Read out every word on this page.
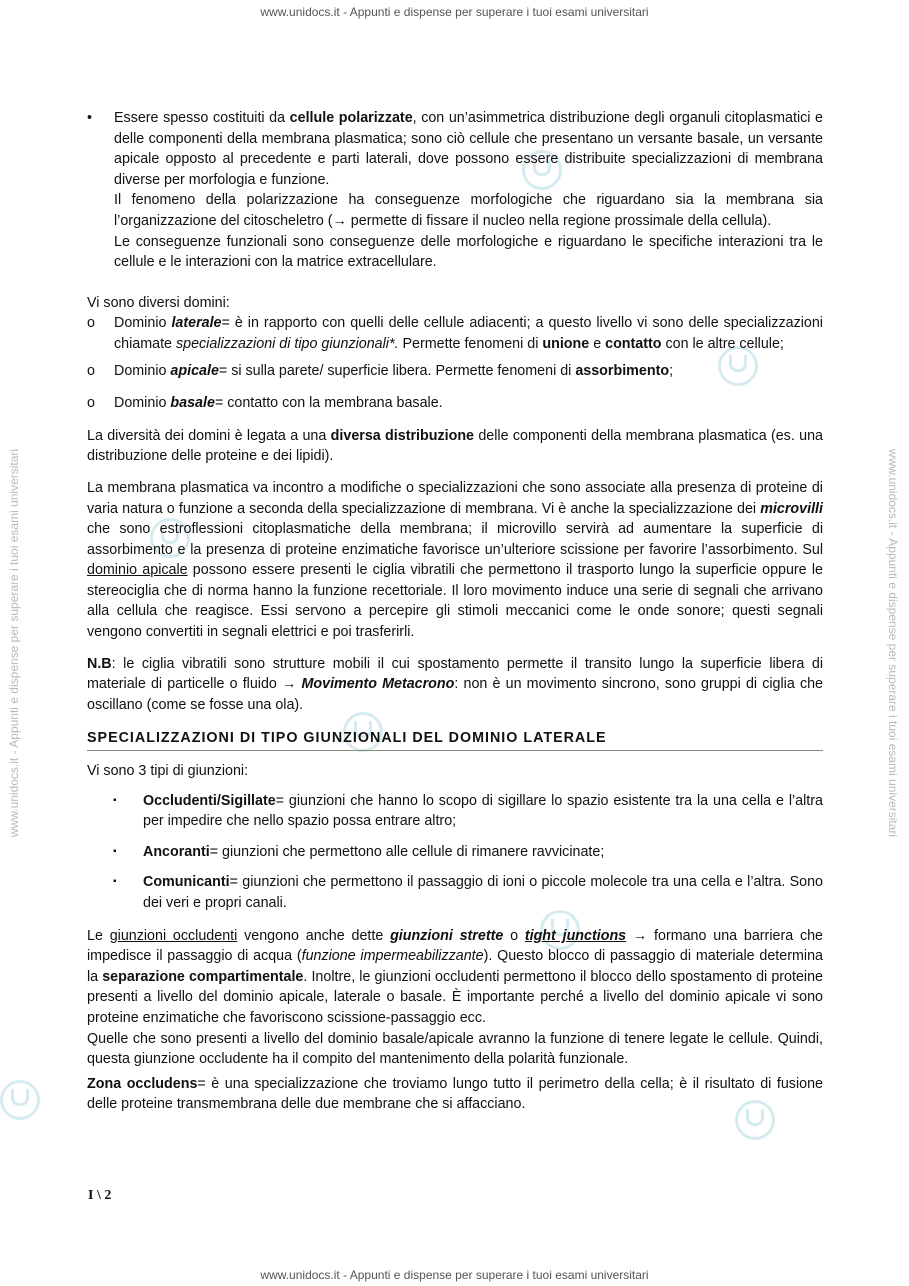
www.unidocs.it - Appunti e dispense per superare i tuoi esami universitari
www.unidocs.it - Appunti e dispense per superare i tuoi esami universitari
www.unidocs.it - Appunti e dispense per superare i tuoi esami universitari	www.unidocs.it - Appunti e dispense per superare i tuoi esami universitari
• Essere spesso costituiti da cellule polarizzate, con un’asimmetrica distribuzione degli organuli citoplasmatici e delle componenti della membrana plasmatica; sono ciò cellule che presentano un versante basale, un versante apicale opposto al precedente e parti laterali, dove possono essere distribuite specializzazioni di membrana diverse per morfologia e funzione.

Il fenomeno della polarizzazione ha conseguenze morfologiche che riguardano sia la membrana sia l’organizzazione del citoscheletro (→ permette di fissare il nucleo nella regione prossimale della cellula).

Le conseguenze funzionali sono conseguenze delle morfologiche e riguardano le specifiche interazioni tra le cellule e le interazioni con la matrice extracellulare.

Vi sono diversi domini:

o Dominio laterale= è in rapporto con quelli delle cellule adiacenti; a questo livello vi sono delle specializzazioni chiamate specializzazioni di tipo giunzionali*. Permette fenomeni di unione e contatto con le altre cellule;

o Dominio apicale= si sulla parete/ superficie libera. Permette fenomeni di assorbimento;

o Dominio basale= contatto con la membrana basale.

La diversità dei domini è legata a una diversa distribuzione delle componenti della membrana plasmatica (es. una distribuzione delle proteine e dei lipidi).

La membrana plasmatica va incontro a modifiche o specializzazioni che sono associate alla presenza di proteine di varia natura o funzione a seconda della specializzazione di membrana. Vi è anche la specializzazione dei microvilli che sono estroflessioni citoplasmatiche della membrana; il microvillo servirà ad aumentare la superficie di assorbimento e la presenza di proteine enzimatiche favorisce un’ulteriore scissione per favorire l’assorbimento. Sul dominio apicale possono essere presenti le ciglia vibratili che permettono il trasporto lungo la superficie oppure le stereociglia che di norma hanno la funzione recettoriale. Il loro movimento induce una serie di segnali che arrivano alla cellula che reagisce. Essi servono a percepire gli stimoli meccanici come le onde sonore; questi segnali vengono convertiti in segnali elettrici e poi trasferirli.

N.B: le ciglia vibratili sono strutture mobili il cui spostamento permette il transito lungo la superficie libera di materiale di particelle o fluido → Movimento Metacrono: non è un movimento sincrono, sono gruppi di ciglia che oscillano (come se fosse una ola).

SPECIALIZZAZIONI DI TIPO GIUNZIONALI DEL DOMINIO LATERALE

Vi sono 3 tipi di giunzioni:

▪ Occludenti/Sigillate= giunzioni che hanno lo scopo di sigillare lo spazio esistente tra la una cella e l’altra per impedire che nello spazio possa entrare altro;

▪ Ancoranti= giunzioni che permettono alle cellule di rimanere ravvicinate;

▪ Comunicanti= giunzioni che permettono il passaggio di ioni o piccole molecole tra una cella e l’altra. Sono dei veri e propri canali.

Le giunzioni occludenti vengono anche dette giunzioni strette o tight junctions → formano una barriera che impedisce il passaggio di acqua (funzione impermeabilizzante). Questo blocco di passaggio di materiale determina la separazione compartimentale. Inoltre, le giunzioni occludenti permettono il blocco dello spostamento di proteine presenti a livello del dominio apicale, laterale o basale. È importante perché a livello del dominio apicale vi sono proteine enzimatiche che favoriscono scissione-passaggio ecc.

Quelle che sono presenti a livello del dominio basale/apicale avranno la funzione di tenere legate le cellule. Quindi, questa giunzione occludente ha il compito del mantenimento della polarità funzionale.

Zona occludens= è una specializzazione che troviamo lungo tutto il perimetro della cella; è il risultato di fusione delle proteine transmembrana delle due membrane che si affacciano.

I \ 2
